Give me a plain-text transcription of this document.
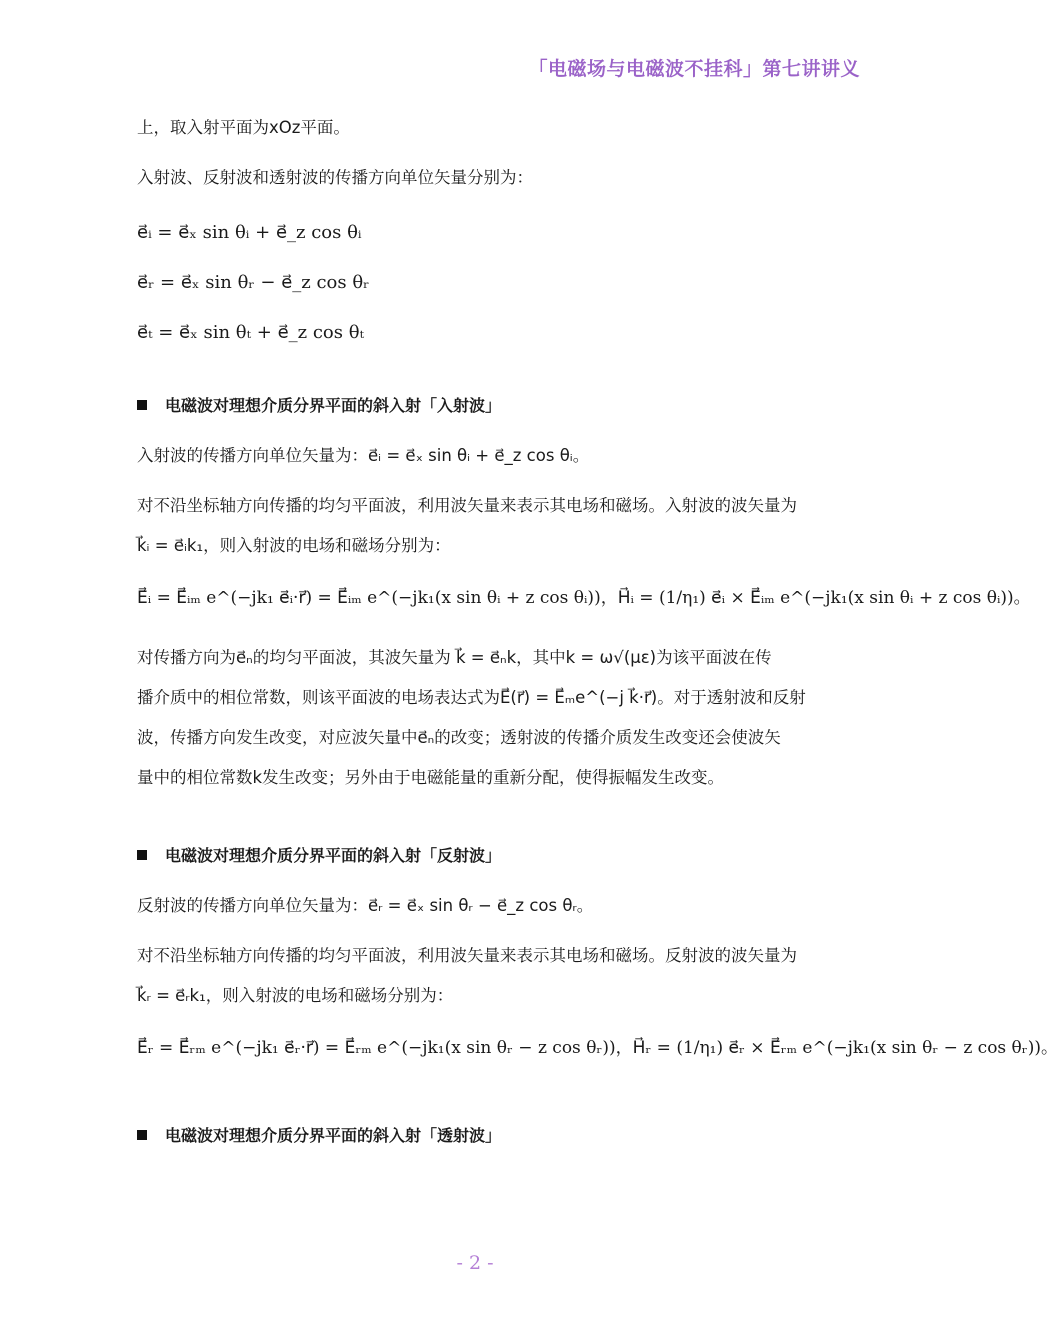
「电磁场与电磁波不挂科」第七讲讲义

上，取入射平面为xOz平面。

入射波、反射波和透射波的传播方向单位矢量分别为：

e⃗ᵢ = e⃗ₓ sin θᵢ + e⃗_z cos θᵢ
e⃗ᵣ = e⃗ₓ sin θᵣ − e⃗_z cos θᵣ
e⃗ₜ = e⃗ₓ sin θₜ + e⃗_z cos θₜ
电磁波对理想介质分界平面的斜入射「入射波」

入射波的传播方向单位矢量为：e⃗ᵢ = e⃗ₓ sin θᵢ + e⃗_z cos θᵢ。

对不沿坐标轴方向传播的均匀平面波，利用波矢量来表示其电场和磁场。入射波的波矢量为

k⃗ᵢ = e⃗ᵢk₁，则入射波的电场和磁场分别为：

E⃗ᵢ = E⃗ᵢₘ e^(−jk₁ e⃗ᵢ·r⃗) = E⃗ᵢₘ e^(−jk₁(x sin θᵢ + z cos θᵢ))，H⃗ᵢ = (1/η₁) e⃗ᵢ × E⃗ᵢₘ e^(−jk₁(x sin θᵢ + z cos θᵢ))。

对传播方向为e⃗ₙ的均匀平面波，其波矢量为 k⃗ = e⃗ₙk，其中k = ω√(με)为该平面波在传

播介质中的相位常数，则该平面波的电场表达式为E⃗(r⃗) = E⃗ₘe^(−j k⃗·r⃗)。对于透射波和反射

波，传播方向发生改变，对应波矢量中e⃗ₙ的改变；透射波的传播介质发生改变还会使波矢

量中的相位常数k发生改变；另外由于电磁能量的重新分配，使得振幅发生改变。

电磁波对理想介质分界平面的斜入射「反射波」

反射波的传播方向单位矢量为：e⃗ᵣ = e⃗ₓ sin θᵣ − e⃗_z cos θᵣ。

对不沿坐标轴方向传播的均匀平面波，利用波矢量来表示其电场和磁场。反射波的波矢量为

k⃗ᵣ = e⃗ᵣk₁，则入射波的电场和磁场分别为：

E⃗ᵣ = E⃗ᵣₘ e^(−jk₁ e⃗ᵣ·r⃗) = E⃗ᵣₘ e^(−jk₁(x sin θᵣ − z cos θᵣ))，H⃗ᵣ = (1/η₁) e⃗ᵣ × E⃗ᵣₘ e^(−jk₁(x sin θᵣ − z cos θᵣ))。
电磁波对理想介质分界平面的斜入射「透射波」
- 2 -
